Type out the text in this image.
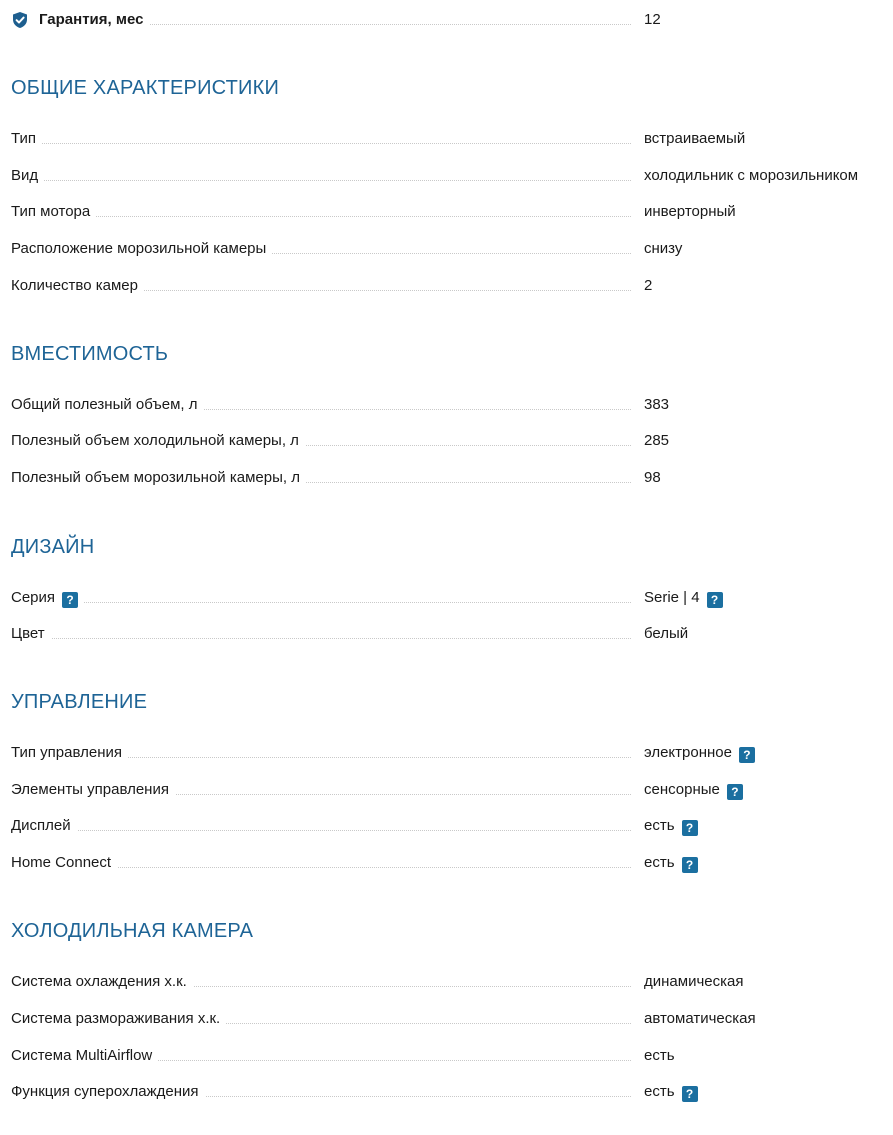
Гарантия, мес	12
ОБЩИЕ ХАРАКТЕРИСТИКИ
Тип	встраиваемый
Вид	холодильник с морозильником
Тип мотора	инверторный
Расположение морозильной камеры	снизу
Количество камер	2
ВМЕСТИМОСТЬ
Общий полезный объем, л	383
Полезный объем холодильной камеры, л	285
Полезный объем морозильной камеры, л	98
ДИЗАЙН
Серия ?	Serie | 4 ?
Цвет	белый
УПРАВЛЕНИЕ
Тип управления	электронное ?
Элементы управления	сенсорные ?
Дисплей	есть ?
Home Connect	есть ?
ХОЛОДИЛЬНАЯ КАМЕРА
Система охлаждения х.к.	динамическая
Система размораживания х.к.	автоматическая
Система MultiAirflow	есть
Функция суперохлаждения	есть ?
